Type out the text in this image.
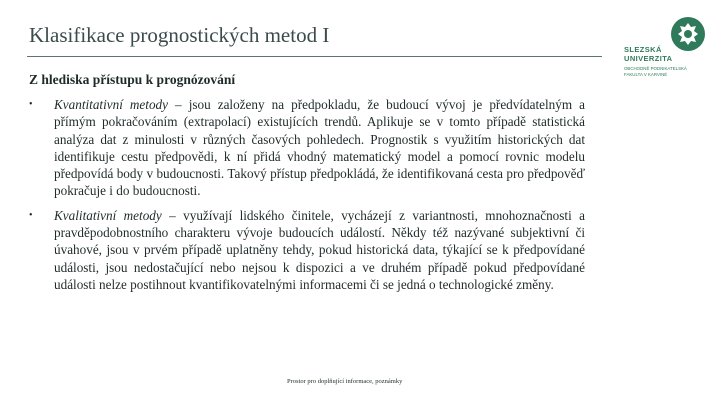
Klasifikace prognostických metod I
SLEZSKÁ
UNIVERZITA
OBCHODNĚ PODNIKATELSKÁ
FAKULTA V KARVINÉ
Z hlediska přístupu k prognózování
•	Kvantitativní metody – jsou založeny na předpokladu, že budoucí vývoj je předvídatelným a přímým pokračováním (extrapolací) existujících trendů. Aplikuje se v tomto případě statistická analýza dat z minulosti v různých časových pohledech. Prognostik s využitím historických dat identifikuje cestu předpovědi, k ní přidá vhodný matematický model a pomocí rovnic modelu předpovídá body v budoucnosti. Takový přístup předpokládá, že identifikovaná cesta pro předpověď pokračuje i do budoucnosti.
•	Kvalitativní metody – využívají lidského činitele, vycházejí z variantnosti, mnohoznačnosti a pravděpodobnostního charakteru vývoje budoucích událostí. Někdy též nazývané subjektivní či úvahové, jsou v prvém případě uplatněny tehdy, pokud historická data, týkající se k předpovídané události, jsou nedostačující nebo nejsou k dispozici a ve druhém případě pokud předpovídané události nelze postihnout kvantifikovatelnými informacemi či se jedná o technologické změny.
Prostor pro doplňující informace, poznámky
